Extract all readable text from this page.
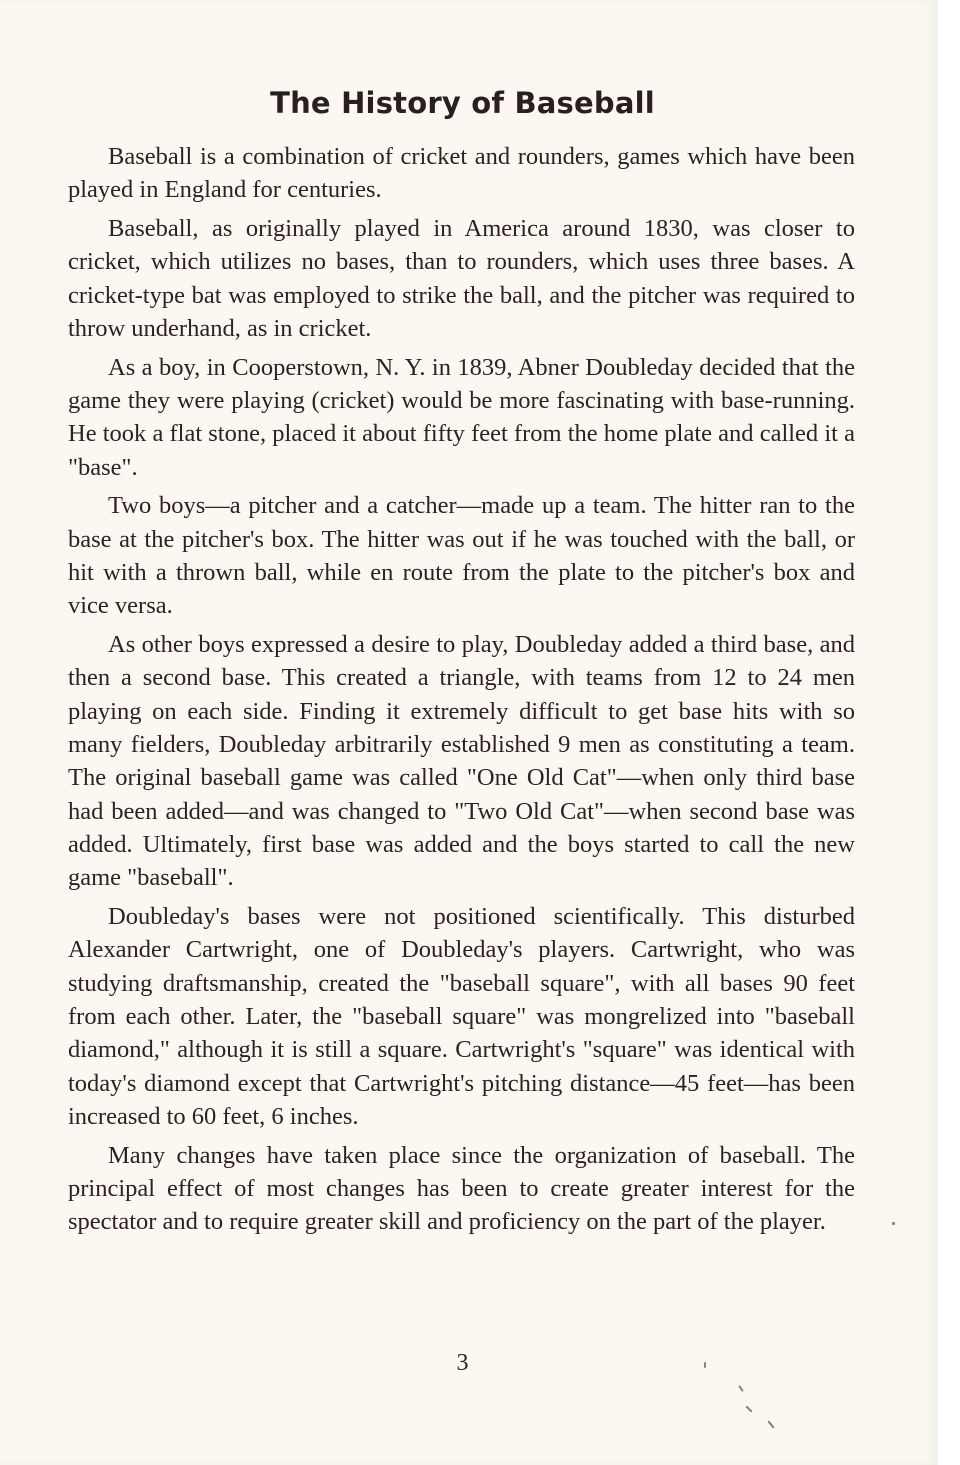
The History of Baseball

Baseball is a combination of cricket and rounders, games which have been played in England for centuries.

Baseball, as originally played in America around 1830, was closer to cricket, which utilizes no bases, than to rounders, which uses three bases. A cricket-type bat was employed to strike the ball, and the pitcher was required to throw underhand, as in cricket.

As a boy, in Cooperstown, N. Y. in 1839, Abner Doubleday decided that the game they were playing (cricket) would be more fascinating with base-running. He took a flat stone, placed it about fifty feet from the home plate and called it a "base".

Two boys—a pitcher and a catcher—made up a team. The hitter ran to the base at the pitcher's box. The hitter was out if he was touched with the ball, or hit with a thrown ball, while en route from the plate to the pitcher's box and vice versa.

As other boys expressed a desire to play, Doubleday added a third base, and then a second base. This created a triangle, with teams from 12 to 24 men playing on each side. Finding it extremely difficult to get base hits with so many fielders, Doubleday arbitrarily established 9 men as constituting a team. The original baseball game was called "One Old Cat"—when only third base had been added—and was changed to "Two Old Cat"—when second base was added. Ultimately, first base was added and the boys started to call the new game "baseball".

Doubleday's bases were not positioned scientifically. This disturbed Alexander Cartwright, one of Doubleday's players. Cartwright, who was studying draftsmanship, created the "baseball square", with all bases 90 feet from each other. Later, the "baseball square" was mongrelized into "baseball diamond," although it is still a square. Cartwright's "square" was identical with today's diamond except that Cartwright's pitching distance—45 feet—has been increased to 60 feet, 6 inches.

Many changes have taken place since the organization of baseball. The principal effect of most changes has been to create greater interest for the spectator and to require greater skill and proficiency on the part of the player.

3
